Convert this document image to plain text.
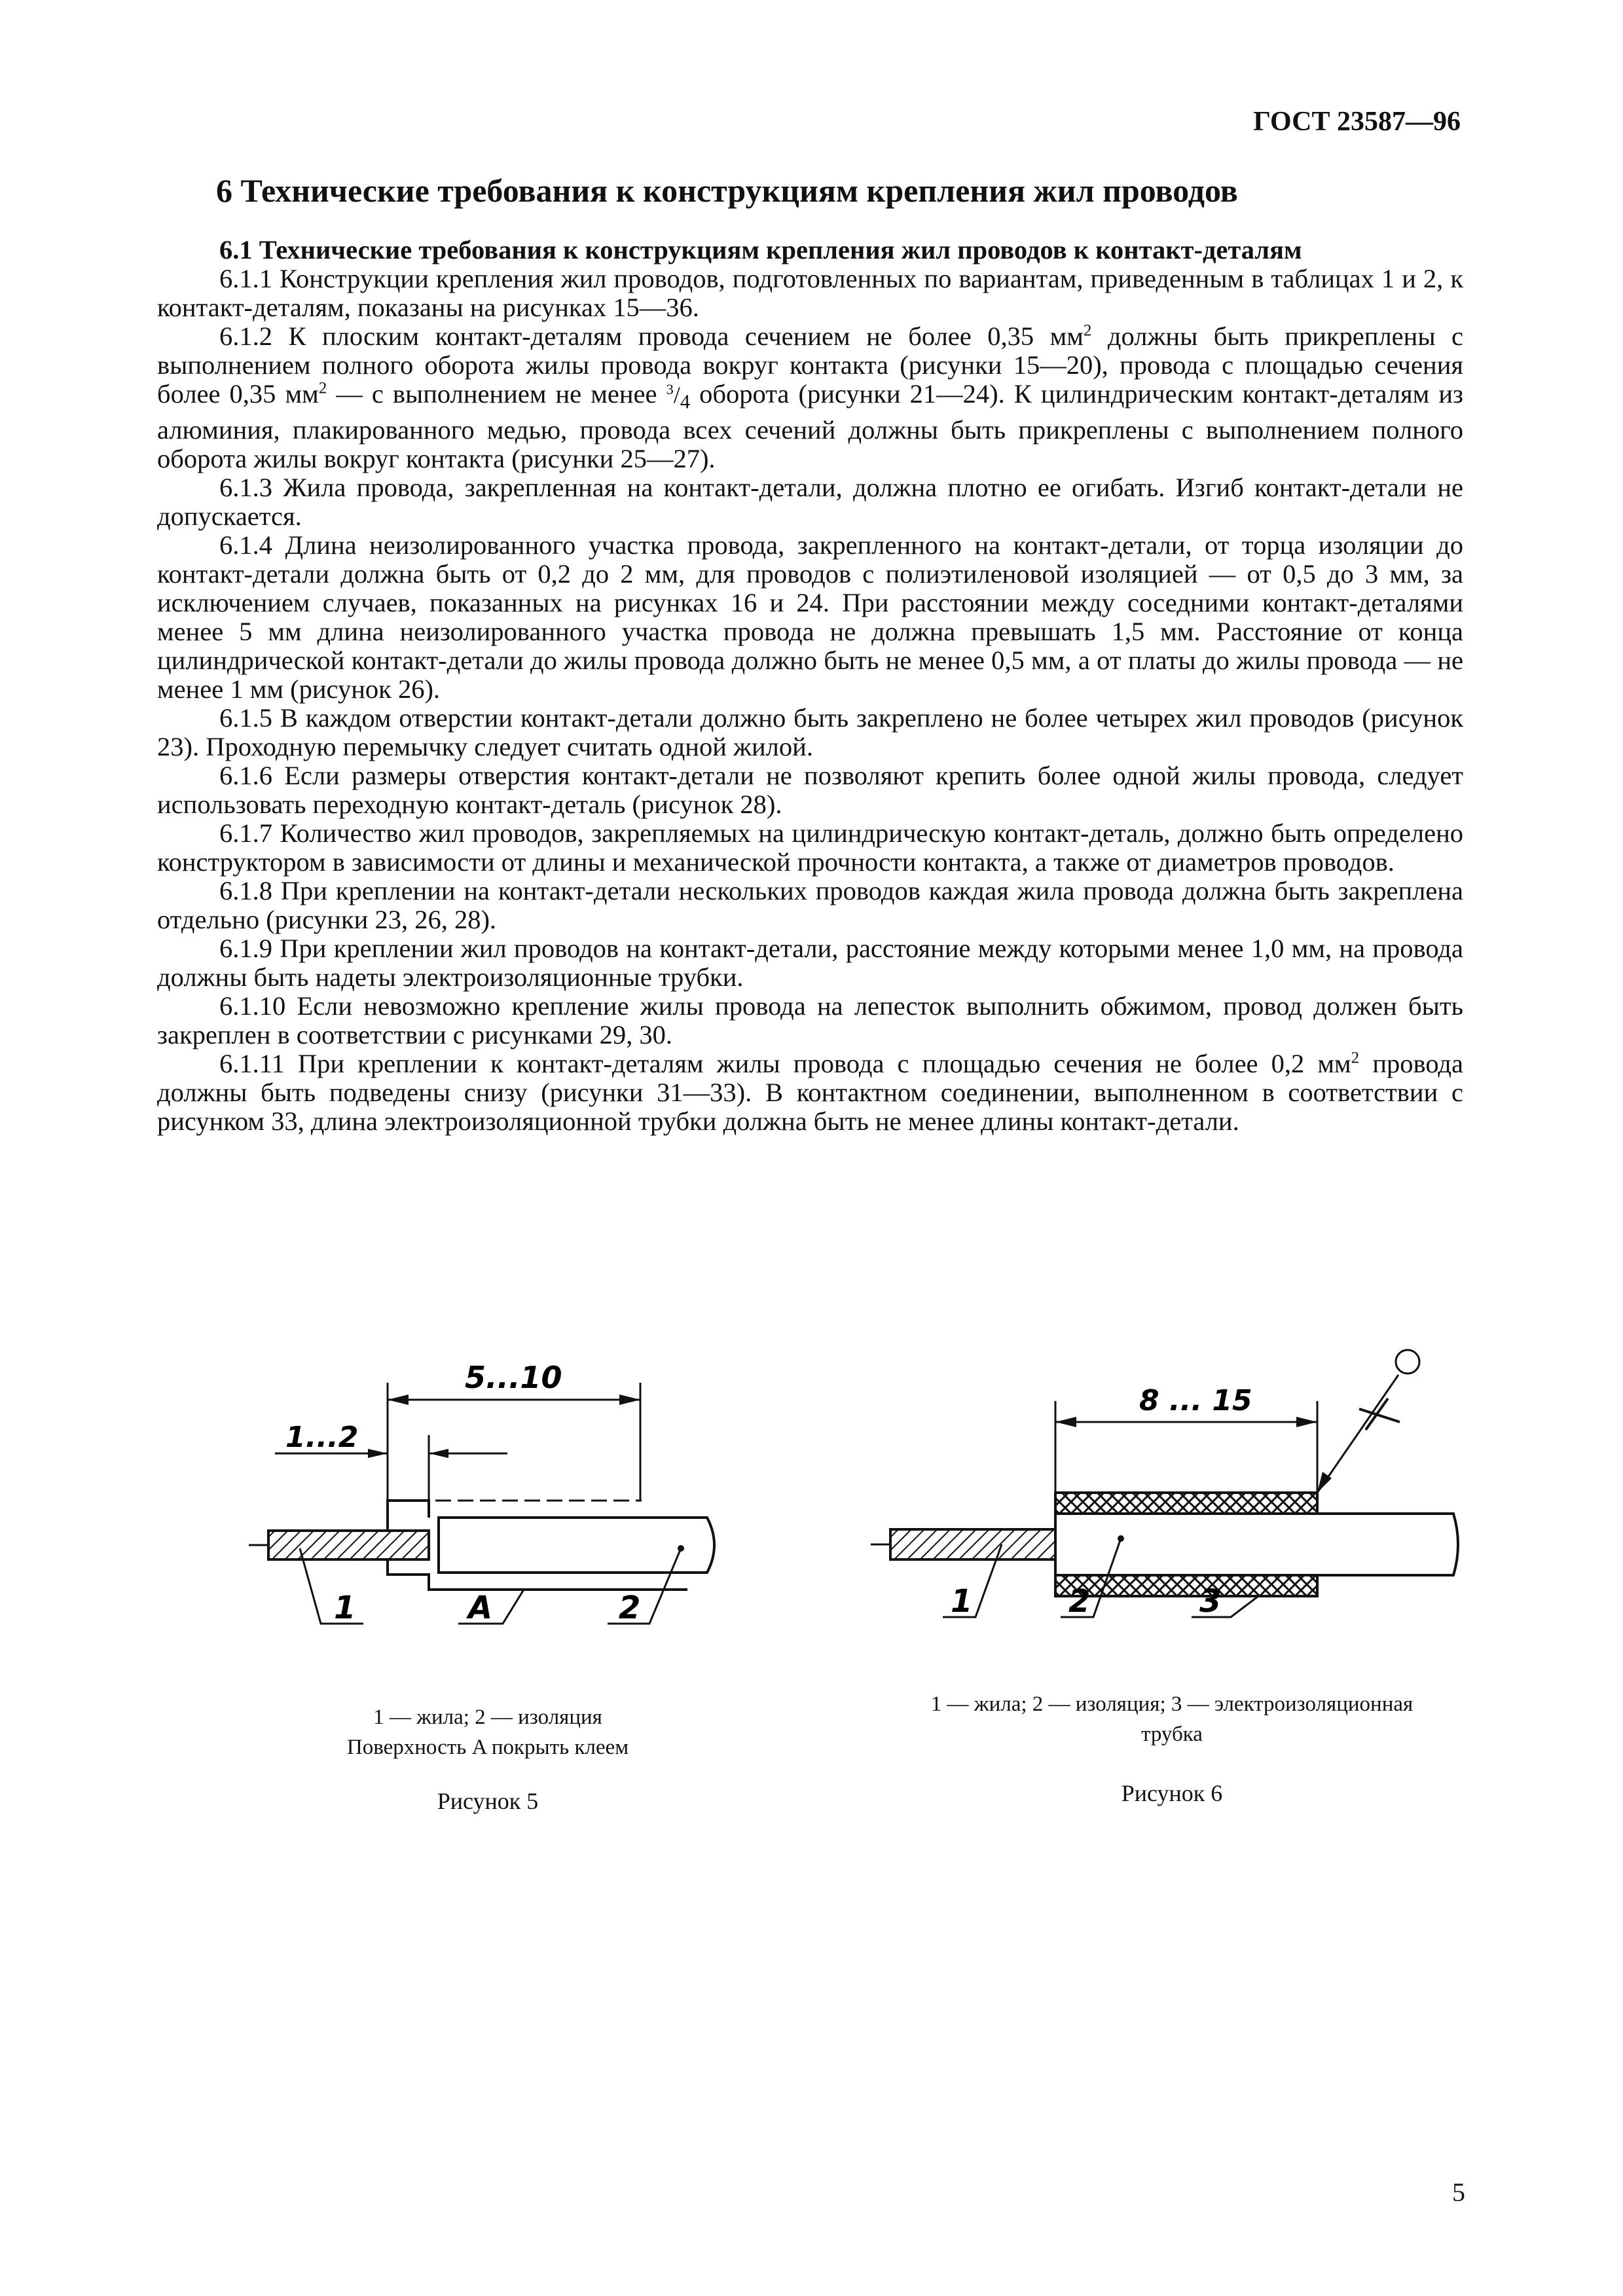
ГОСТ 23587—96
6 Технические требования к конструкциям крепления жил проводов

6.1 Технические требования к конструкциям крепления жил проводов к контакт-деталям

6.1.1 Конструкции крепления жил проводов, подготовленных по вариантам, приведенным в таблицах 1 и 2, к контакт-деталям, показаны на рисунках 15—36.

6.1.2 К плоским контакт-деталям провода сечением не более 0,35 $мм^2$ должны быть прикреплены с выполнением полного оборота жилы провода вокруг контакта (рисунки 15—20), провода с площадью сечения более 0,35 $мм^2$ — с выполнением не менее $^3/_4$ оборота (рисунки 21—24). К цилиндрическим контакт-деталям из алюминия, плакированного медью, провода всех сечений должны быть прикреплены с выполнением полного оборота жилы вокруг контакта (рисунки 25—27).

6.1.3 Жила провода, закрепленная на контакт-детали, должна плотно ее огибать. Изгиб контакт-детали не допускается.

6.1.4 Длина неизолированного участка провода, закрепленного на контакт-детали, от торца изоляции до контакт-детали должна быть от 0,2 до 2 мм, для проводов с полиэтиленовой изоляцией — от 0,5 до 3 мм, за исключением случаев, показанных на рисунках 16 и 24. При расстоянии между соседними контакт-деталями менее 5 мм длина неизолированного участка провода не должна превышать 1,5 мм. Расстояние от конца цилиндрической контакт-детали до жилы провода должно быть не менее 0,5 мм, а от платы до жилы провода — не менее 1 мм (рисунок 26).

6.1.5 В каждом отверстии контакт-детали должно быть закреплено не более четырех жил проводов (рисунок 23). Проходную перемычку следует считать одной жилой.

6.1.6 Если размеры отверстия контакт-детали не позволяют крепить более одной жилы провода, следует использовать переходную контакт-деталь (рисунок 28).

6.1.7 Количество жил проводов, закрепляемых на цилиндрическую контакт-деталь, должно быть определено конструктором в зависимости от длины и механической прочности контакта, а также от диаметров проводов.

6.1.8 При креплении на контакт-детали нескольких проводов каждая жила провода должна быть закреплена отдельно (рисунки 23, 26, 28).

6.1.9 При креплении жил проводов на контакт-детали, расстояние между которыми менее 1,0 мм, на провода должны быть надеты электроизоляционные трубки.

6.1.10 Если невозможно крепление жилы провода на лепесток выполнить обжимом, провод должен быть закреплен в соответствии с рисунками 29, 30.

6.1.11 При креплении к контакт-деталям жилы провода с площадью сечения не более 0,2 $мм^2$ провода должны быть подведены снизу (рисунки 31—33). В контактном соединении, выполненном в соответствии с рисунком 33, длина электроизоляционной трубки должна быть не менее длины контакт-детали.

5...10
1...2
1	A	2
1 — жила; 2 — изоляция
Поверхность A покрыть клеем
Рисунок 5
8 ... 15
1	2	3
1 — жила; 2 — изоляция; 3 — электроизоляционная
трубка
Рисунок 6
5
